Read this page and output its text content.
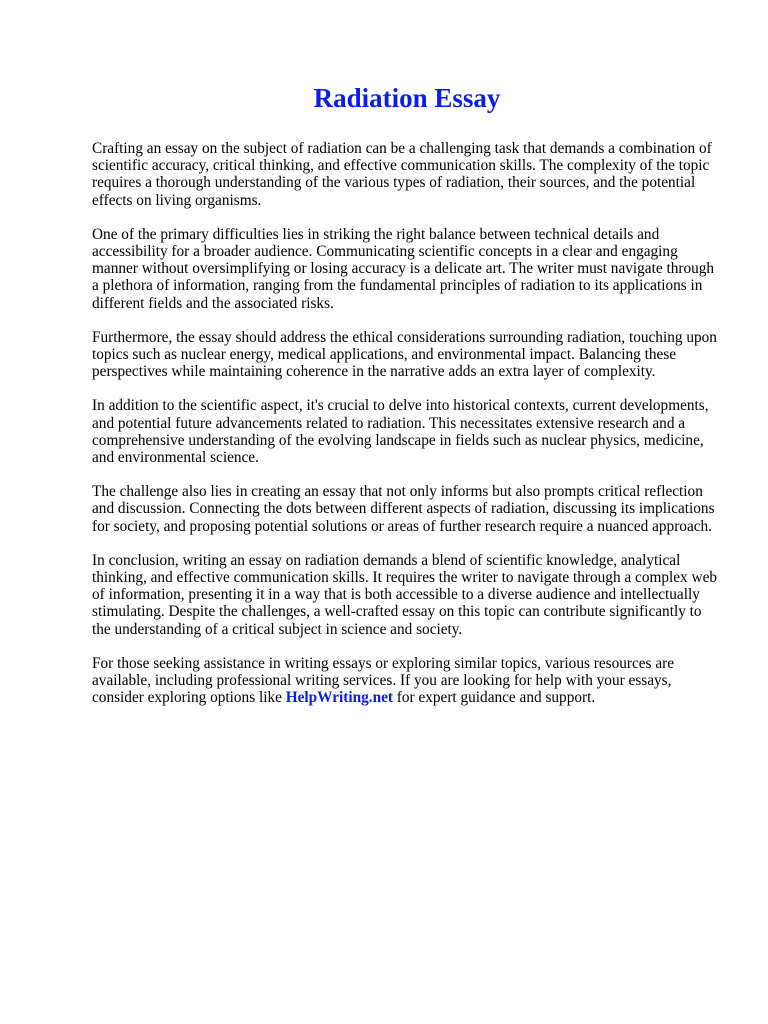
Radiation Essay

Crafting an essay on the subject of radiation can be a challenging task that demands a combination of scientific accuracy, critical thinking, and effective communication skills. The complexity of the topic requires a thorough understanding of the various types of radiation, their sources, and the potential effects on living organisms.

One of the primary difficulties lies in striking the right balance between technical details and accessibility for a broader audience. Communicating scientific concepts in a clear and engaging manner without oversimplifying or losing accuracy is a delicate art. The writer must navigate through a plethora of information, ranging from the fundamental principles of radiation to its applications in different fields and the associated risks.

Furthermore, the essay should address the ethical considerations surrounding radiation, touching upon topics such as nuclear energy, medical applications, and environmental impact. Balancing these perspectives while maintaining coherence in the narrative adds an extra layer of complexity.

In addition to the scientific aspect, it's crucial to delve into historical contexts, current developments, and potential future advancements related to radiation. This necessitates extensive research and a comprehensive understanding of the evolving landscape in fields such as nuclear physics, medicine, and environmental science.

The challenge also lies in creating an essay that not only informs but also prompts critical reflection and discussion. Connecting the dots between different aspects of radiation, discussing its implications for society, and proposing potential solutions or areas of further research require a nuanced approach.

In conclusion, writing an essay on radiation demands a blend of scientific knowledge, analytical thinking, and effective communication skills. It requires the writer to navigate through a complex web of information, presenting it in a way that is both accessible to a diverse audience and intellectually stimulating. Despite the challenges, a well-crafted essay on this topic can contribute significantly to the understanding of a critical subject in science and society.

For those seeking assistance in writing essays or exploring similar topics, various resources are available, including professional writing services. If you are looking for help with your essays, consider exploring options like HelpWriting.net for expert guidance and support.
